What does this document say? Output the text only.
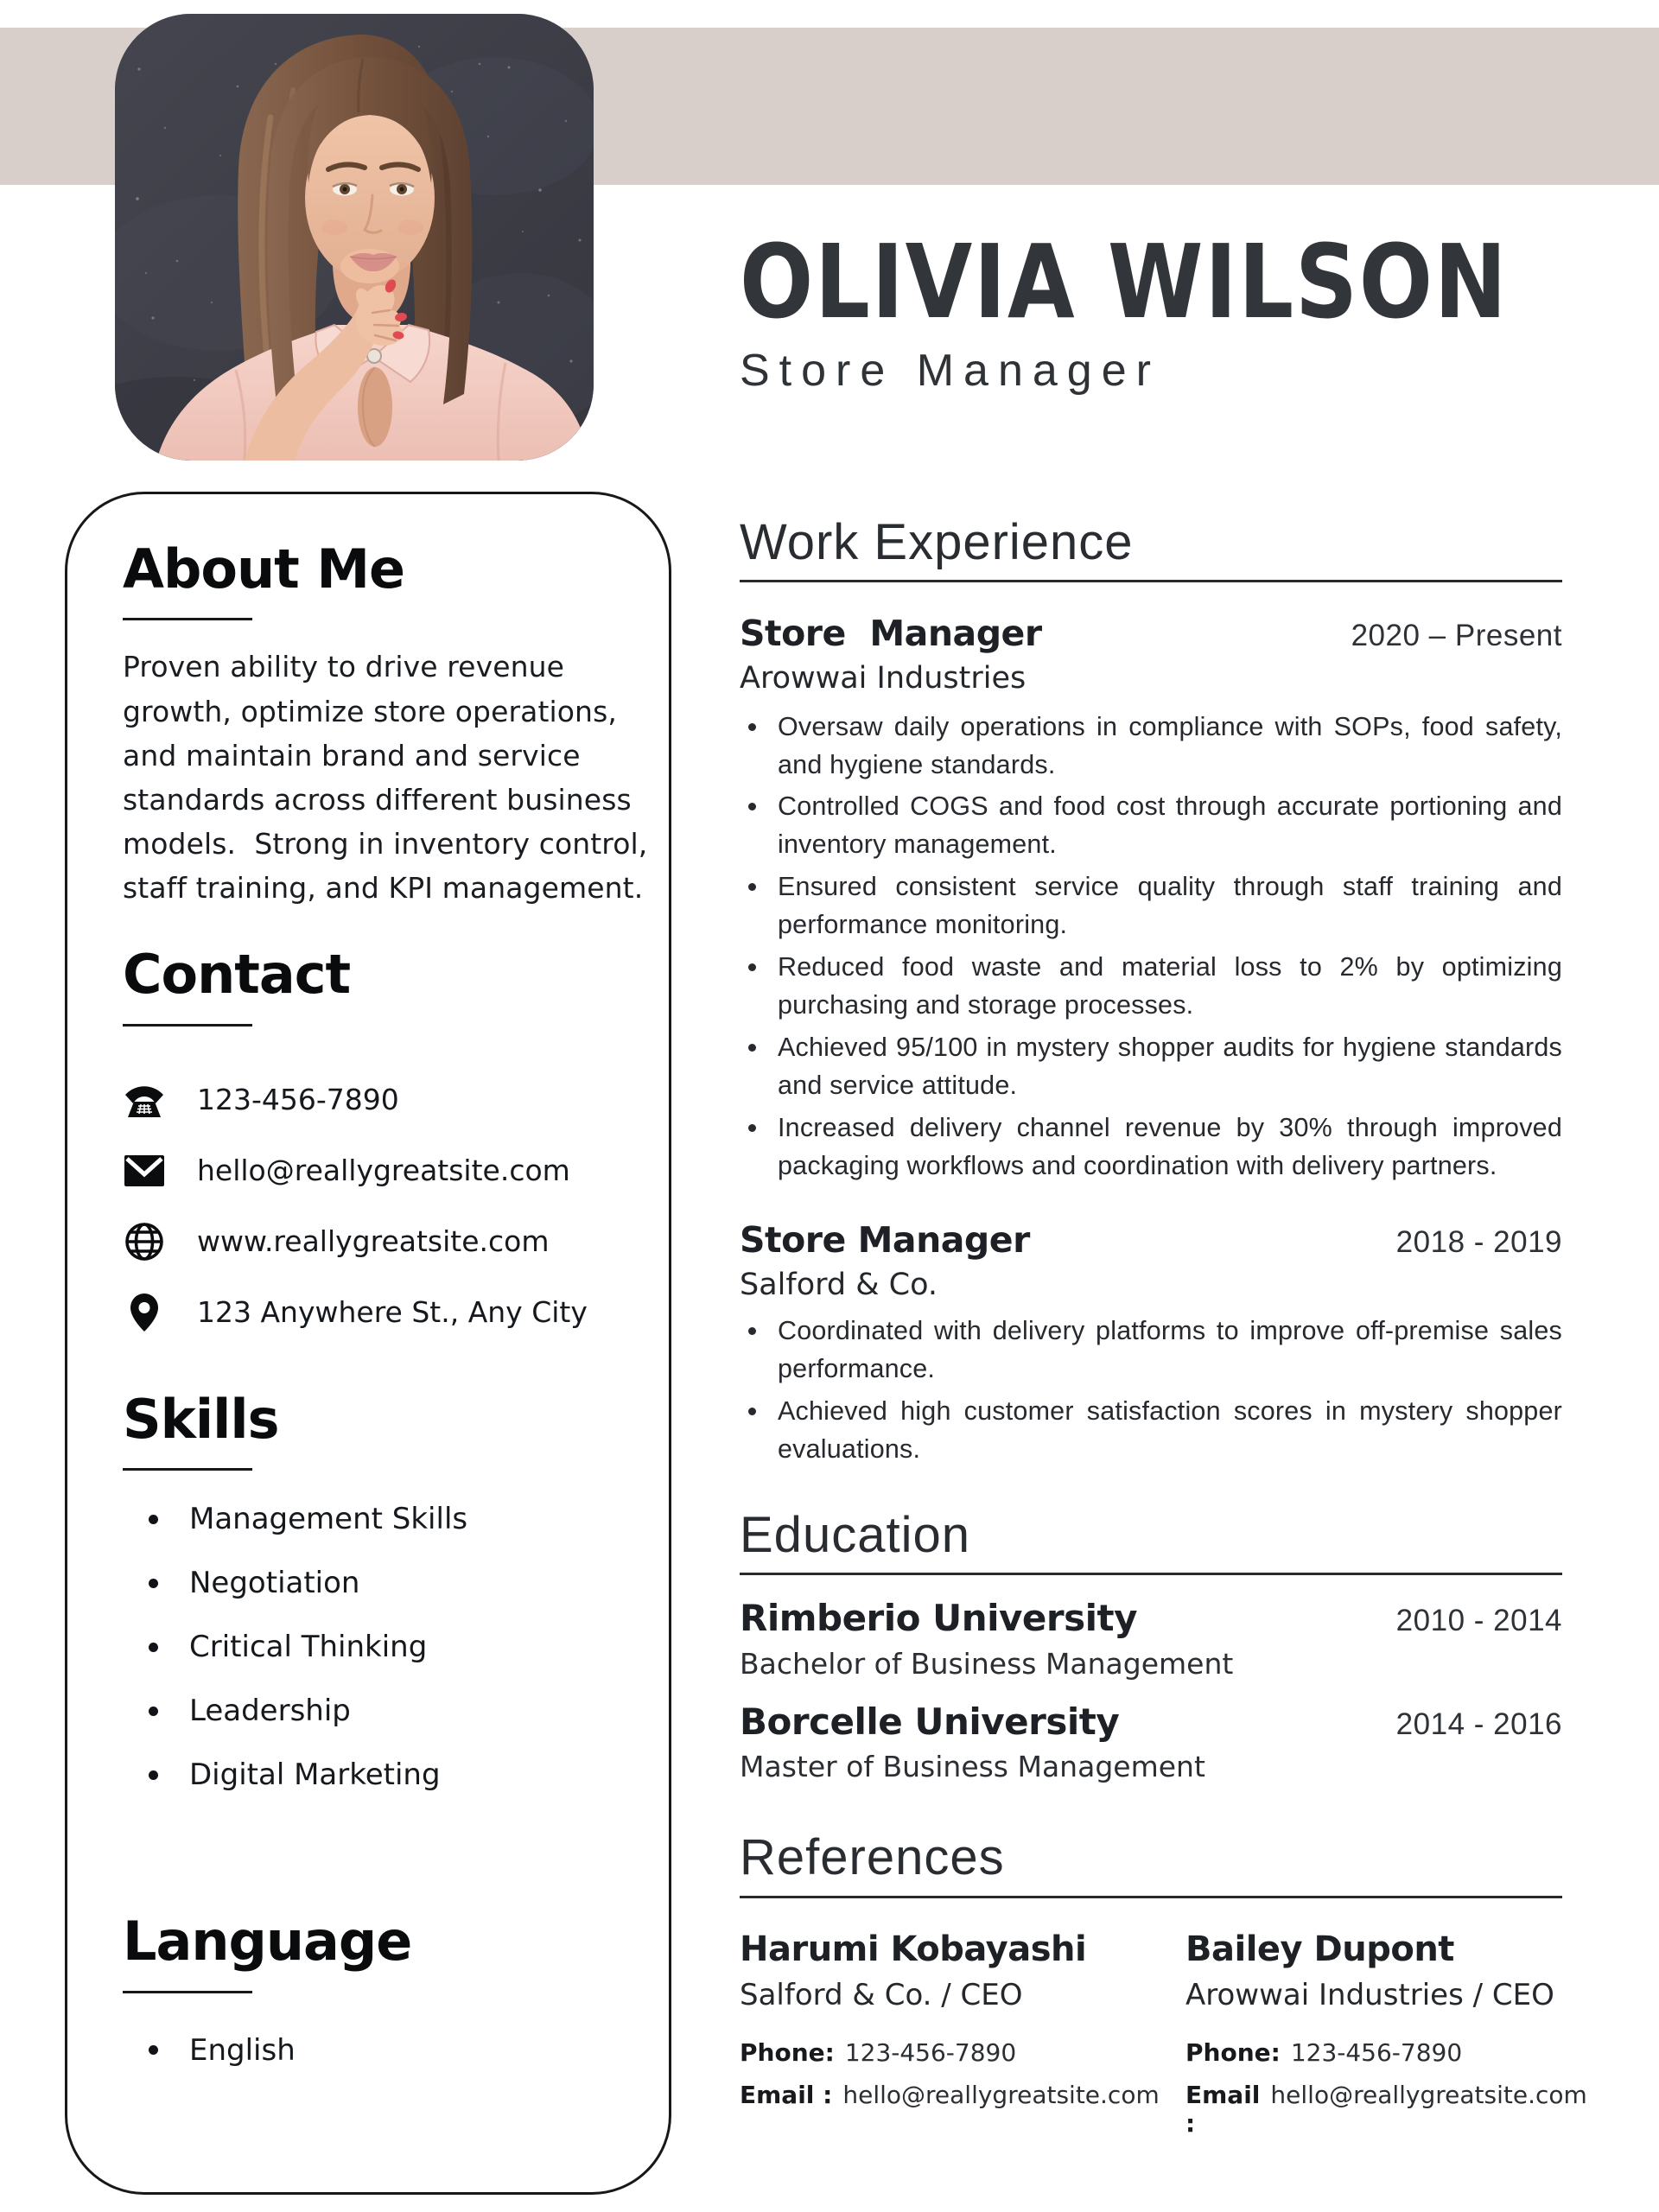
About Me
Proven ability to drive revenue growth, optimize store operations, and maintain brand and service standards across different business models.  Strong in inventory control, staff training, and KPI management.
Contact
123-456-7890
hello@reallygreatsite.com
www.reallygreatsite.com
123 Anywhere St., Any City
Skills
Management Skills
Negotiation
Critical Thinking
Leadership
Digital Marketing
Language
English
OLIVIA WILSON
Store Manager
Work Experience
Store  Manager	2020 – Present
Arowwai Industries
Oversaw daily operations in compliance with SOPs, food safety, and hygiene standards.
Controlled COGS and food cost through accurate portioning and inventory management.
Ensured consistent service quality through staff training and performance monitoring.
Reduced food waste and material loss to 2% by optimizing purchasing and storage processes.
Achieved 95/100 in mystery shopper audits for hygiene standards and service attitude.
Increased delivery channel revenue by 30% through improved packaging workflows and coordination with delivery partners.
Store Manager	2018 - 2019
Salford & Co.
Coordinated with delivery platforms to improve off-premise sales performance.
Achieved high customer satisfaction scores in mystery shopper evaluations.
Education
Rimberio University	2010 - 2014
Bachelor of Business Management
Borcelle University	2014 - 2016
Master of Business Management
References
Harumi Kobayashi
Salford & Co. / CEO
Phone: 123-456-7890
Email : hello@reallygreatsite.com
Bailey Dupont
Arowwai Industries / CEO
Phone: 123-456-7890
Email :
hello@reallygreatsite.com
